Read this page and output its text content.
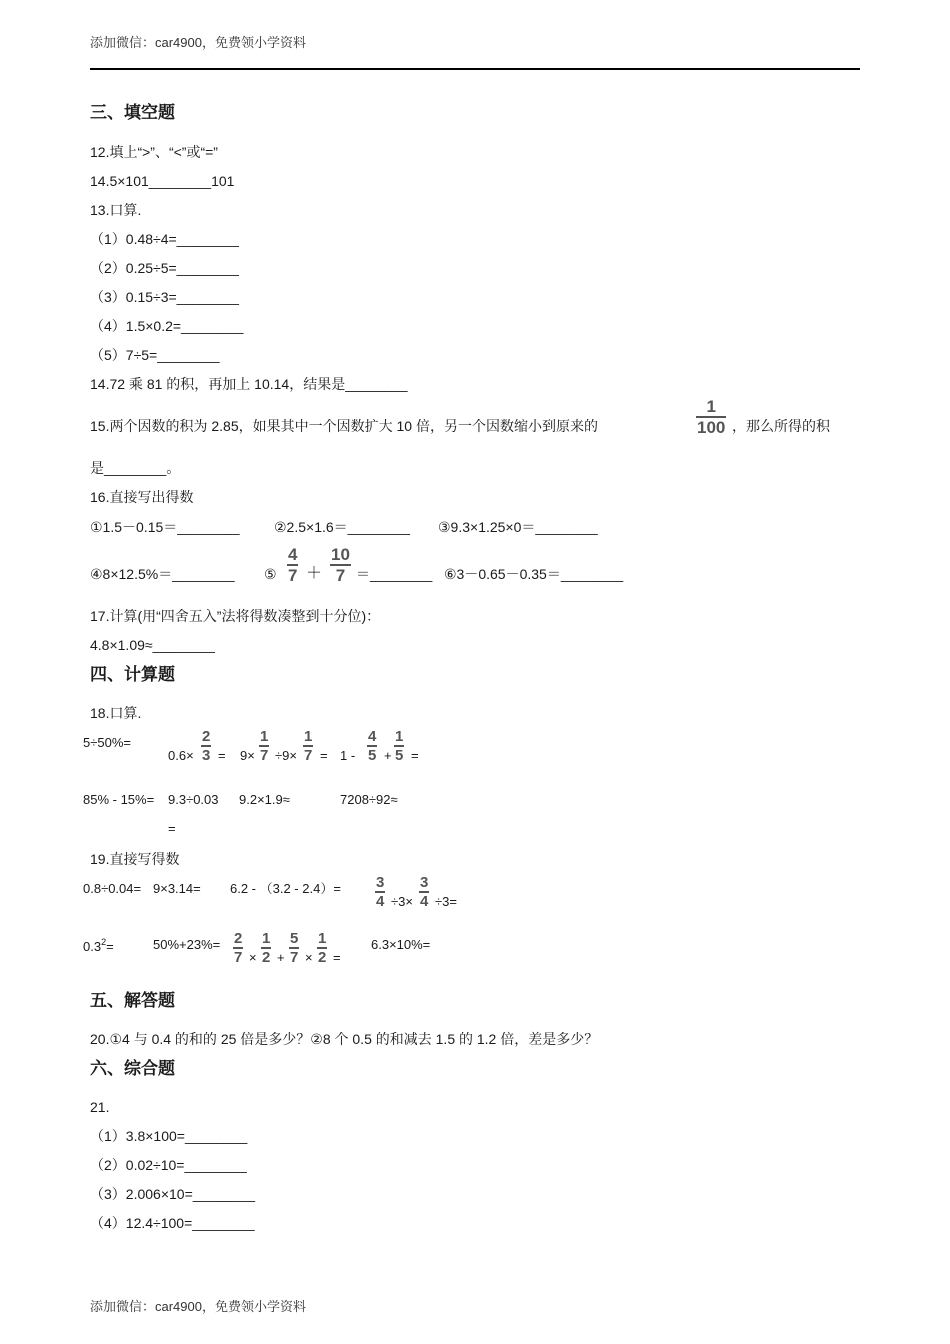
添加微信：car4900，免费领小学资料
三、填空题
12.填上“>”、“<”或“=”
14.5×101________101
13.口算.
（1）0.48÷4=________
（2）0.25÷5=________
（3）0.15÷3=________
（4）1.5×0.2=________
（5）7÷5=________
14.72 乘 81 的积，再加上 10.14，结果是________
15.两个因数的积为 2.85，如果其中一个因数扩大 10 倍，另一个因数缩小到原来的
1
100 ，那么所得的积
是________。
16.直接写出得数
①1.5－0.15＝________ ②2.5×1.6＝________ ③9.3×1.25×0＝________
④8×12.5%＝________ ⑤
4
7 ＋
10
7 ＝________ ⑥3－0.65－0.35＝________
17.计算(用“四舍五入”法将得数凑整到十分位)：
4.8×1.09≈________
四、计算题
18.口算.
5÷50%=
0.6×
2
3 = 9×
1
7 ÷9×
1
7 = 1 -
4
5 +
1
5 =
85% - 15%= 9.3÷0.03
=
9.2×1.9≈	7208÷92≈
19.直接写得数
0.8÷0.04= 9×3.14= 6.2 - （3.2 - 2.4）= 3
4 ÷3×
3
4 ÷3=
$0.3^2=$	50%+23%= 2
7 ×
1
2 +
5
7 ×
1
2 =
6.3×10%=
五、解答题
20.①4 与 0.4 的和的 25 倍是多少？②8 个 0.5 的和减去 1.5 的 1.2 倍，差是多少？
六、综合题
21.
（1）3.8×100=________
（2）0.02÷10=________
（3）2.006×10=________
（4）12.4÷100=________
添加微信：car4900，免费领小学资料
